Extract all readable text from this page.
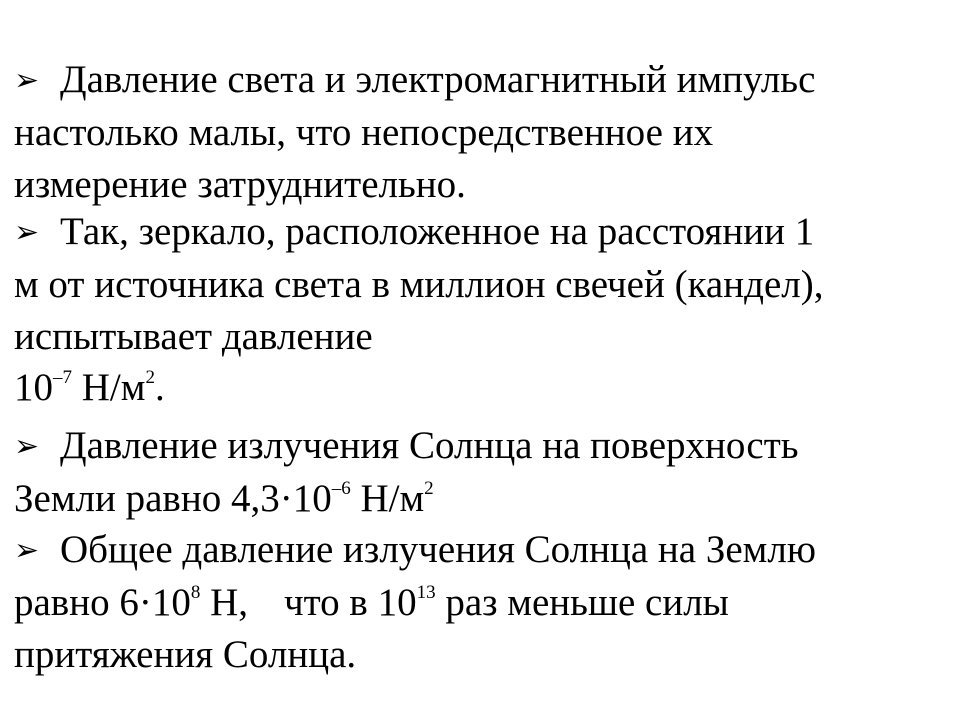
➢ Давление света и электромагнитный импульс
настолько малы, что непосредственное их
измерение затруднительно.
➢ Так, зеркало, расположенное на расстоянии 1
м от источника света в миллион свечей (кандел),
испытывает давление
$10^{-7}$ $Н/м^2$.
➢ Давление излучения Солнца на поверхность
Земли равно $4,3\cdot 10^{-6}$ $Н/м^2$
➢ Общее давление излучения Солнца на Землю
равно $6\cdot 10^8$ Н, что в $10^{13}$ раз меньше силы
притяжения Солнца.
